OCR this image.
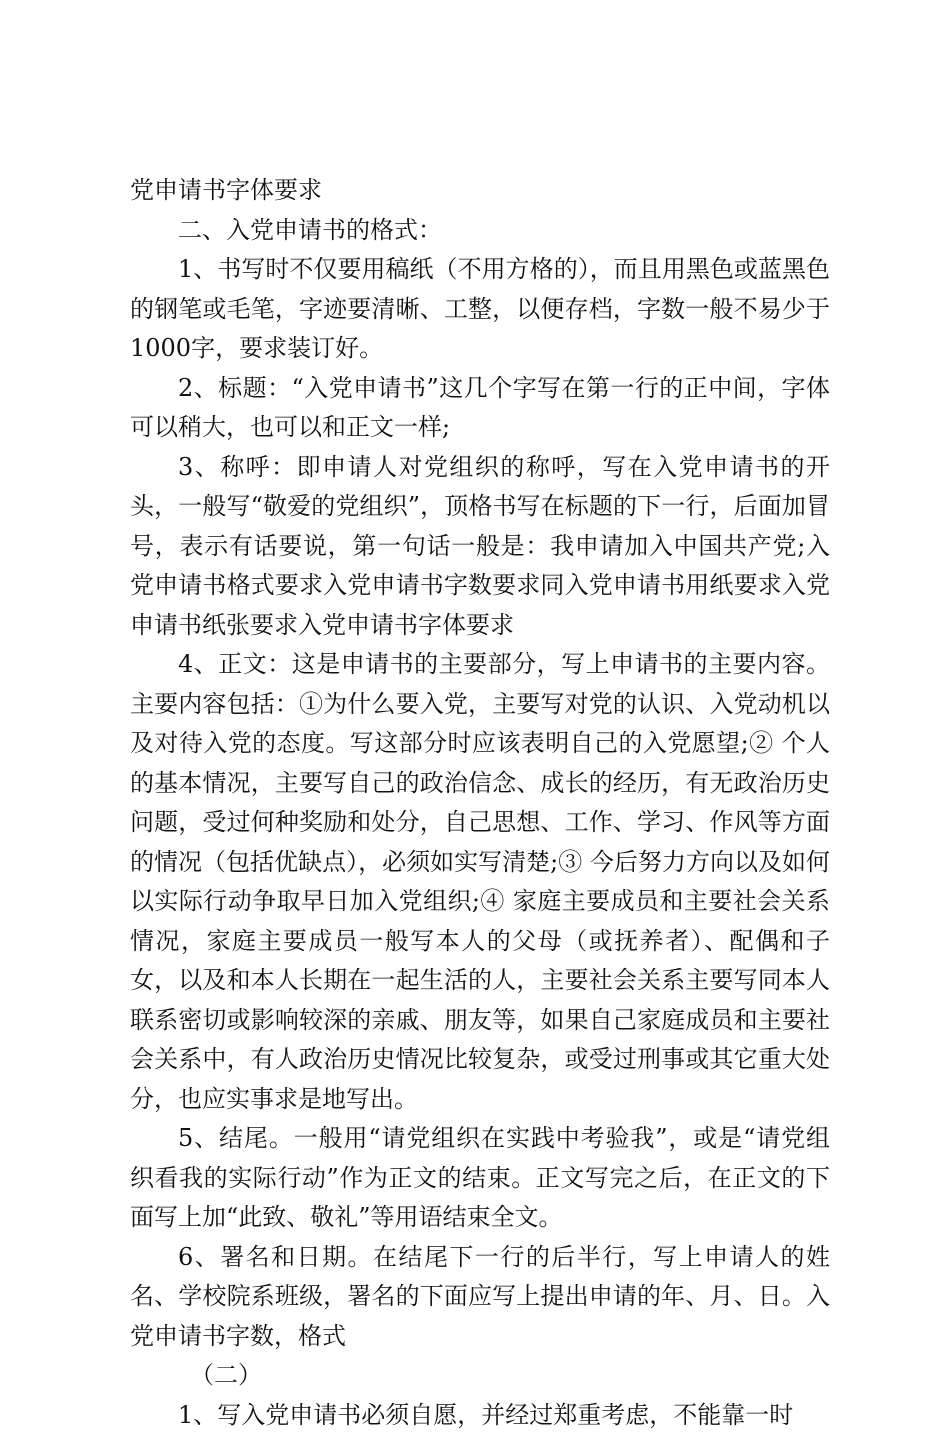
党申请书字体要求

二、入党申请书的格式：

1、书写时不仅要用稿纸（不用方格的），而且用黑色或蓝黑色的钢笔或毛笔，字迹要清晰、工整，以便存档，字数一般不易少于1000字，要求装订好。

2、标题：“入党申请书”这几个字写在第一行的正中间，字体可以稍大，也可以和正文一样;

3、称呼：即申请人对党组织的称呼，写在入党申请书的开头，一般写“敬爱的党组织”，顶格书写在标题的下一行，后面加冒号，表示有话要说，第一句话一般是：我申请加入中国共产党;入党申请书格式要求入党申请书字数要求同入党申请书用纸要求入党申请书纸张要求入党申请书字体要求

4、正文：这是申请书的主要部分，写上申请书的主要内容。主要内容包括：①为什么要入党，主要写对党的认识、入党动机以及对待入党的态度。写这部分时应该表明自己的入党愿望;② 个人的基本情况，主要写自己的政治信念、成长的经历，有无政治历史问题，受过何种奖励和处分，自己思想、工作、学习、作风等方面的情况（包括优缺点），必须如实写清楚;③ 今后努力方向以及如何以实际行动争取早日加入党组织;④ 家庭主要成员和主要社会关系情况，家庭主要成员一般写本人的父母（或抚养者）、配偶和子女，以及和本人长期在一起生活的人，主要社会关系主要写同本人联系密切或影响较深的亲戚、朋友等，如果自己家庭成员和主要社会关系中，有人政治历史情况比较复杂，或受过刑事或其它重大处分，也应实事求是地写出。

5、结尾。一般用“请党组织在实践中考验我”，或是“请党组织看我的实际行动”作为正文的结束。正文写完之后，在正文的下面写上加“此致、敬礼”等用语结束全文。

6、署名和日期。在结尾下一行的后半行，写上申请人的姓名、学校院系班级，署名的下面应写上提出申请的年、月、日。入党申请书字数，格式

（二）

1、写入党申请书必须自愿，并经过郑重考虑，不能靠一时
